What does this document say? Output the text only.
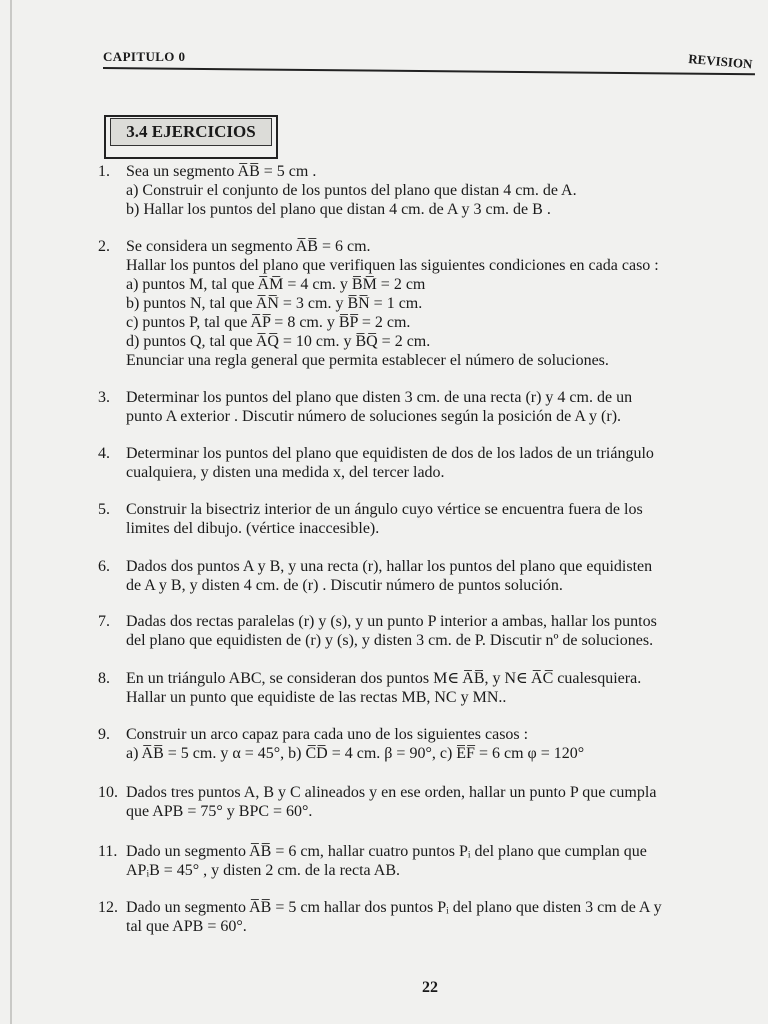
CAPITULO 0	REVISION
3.4 EJERCICIOS
1. Sea un segmento A̅B̅ = 5 cm .
a) Construir el conjunto de los puntos del plano que distan 4 cm. de A.
b) Hallar los puntos del plano que distan 4 cm. de A y 3 cm. de B .
2. Se considera un segmento A̅B̅ = 6 cm.
Hallar los puntos del plano que verifiquen las siguientes condiciones en cada caso :
a) puntos M, tal que A̅M̅ = 4 cm. y B̅M̅ = 2 cm
b) puntos N, tal que A̅N̅ = 3 cm. y B̅N̅ = 1 cm.
c) puntos P, tal que A̅P̅ = 8 cm. y B̅P̅ = 2 cm.
d) puntos Q, tal que A̅Q̅ = 10 cm. y B̅Q̅ = 2 cm.
Enunciar una regla general que permita establecer el número de soluciones.
3. Determinar los puntos del plano que disten 3 cm. de una recta (r) y 4 cm. de un
punto A exterior . Discutir número de soluciones según la posición de A y (r).
4. Determinar los puntos del plano que equidisten de dos de los lados de un triángulo
cualquiera, y disten una medida x, del tercer lado.
5. Construir la bisectriz interior de un ángulo cuyo vértice se encuentra fuera de los
limites del dibujo. (vértice inaccesible).
6. Dados dos puntos A y B, y una recta (r), hallar los puntos del plano que equidisten
de A y B, y disten 4 cm. de (r) . Discutir número de puntos solución.
7. Dadas dos rectas paralelas (r) y (s), y un punto P interior a ambas, hallar los puntos
del plano que equidisten de (r) y (s), y disten 3 cm. de P. Discutir nº de soluciones.
8. En un triángulo ABC, se consideran dos puntos M∈ A̅B̅, y N∈ A̅C̅ cualesquiera.
Hallar un punto que equidiste de las rectas MB, NC y MN..
9. Construir un arco capaz para cada uno de los siguientes casos :
a) A̅B̅ = 5 cm. y α = 45°, b) C̅D̅ = 4 cm. β = 90°, c) E̅F̅ = 6 cm φ = 120°
10. Dados tres puntos A, B y C alineados y en ese orden, hallar un punto P que cumpla
que APB = 75° y BPC = 60°.
11. Dado un segmento A̅B̅ = 6 cm, hallar cuatro puntos Pᵢ del plano que cumplan que
APᵢB = 45° , y disten 2 cm. de la recta AB.
12. Dado un segmento A̅B̅ = 5 cm hallar dos puntos Pᵢ del plano que disten 3 cm de A y
tal que APB = 60°.
22
